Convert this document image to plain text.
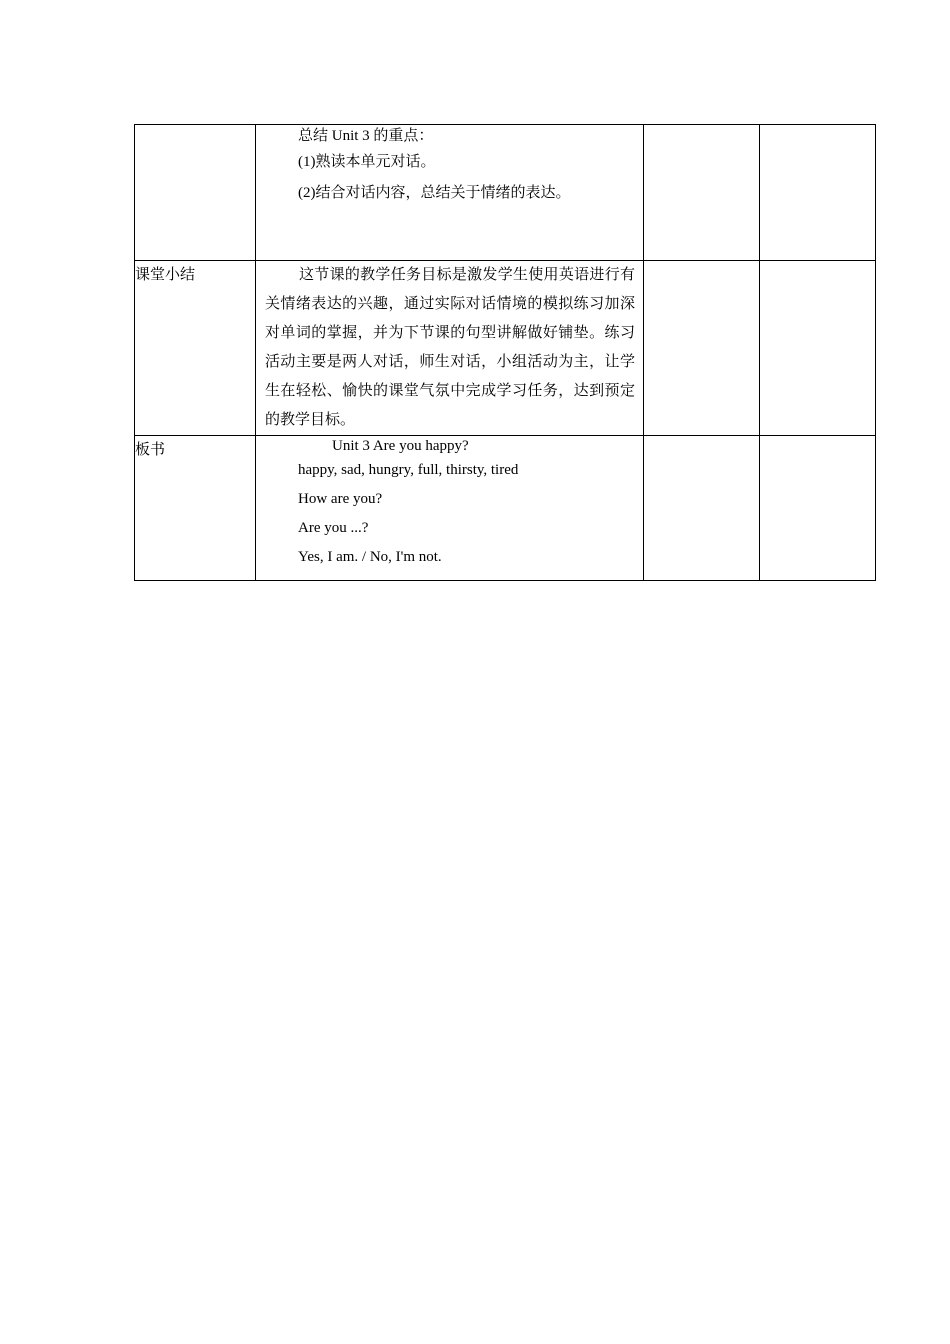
	总结 Unit 3 的重点：

(1)熟读本单元对话。

(2)结合对话内容，总结关于情绪的表达。		

课堂小结	这节课的教学任务目标是激发学生使用英语进行有关情绪表达的兴趣，通过实际对话情境的模拟练习加深对单词的掌握，并为下节课的句型讲解做好铺垫。练习活动主要是两人对话，师生对话，小组活动为主，让学生在轻松、愉快的课堂气氛中完成学习任务，达到预定的教学目标。		

板书	Unit 3 Are you happy?

happy, sad, hungry, full, thirsty, tired

How are you?

Are you ...?

Yes, I am. / No, I'm not.		
